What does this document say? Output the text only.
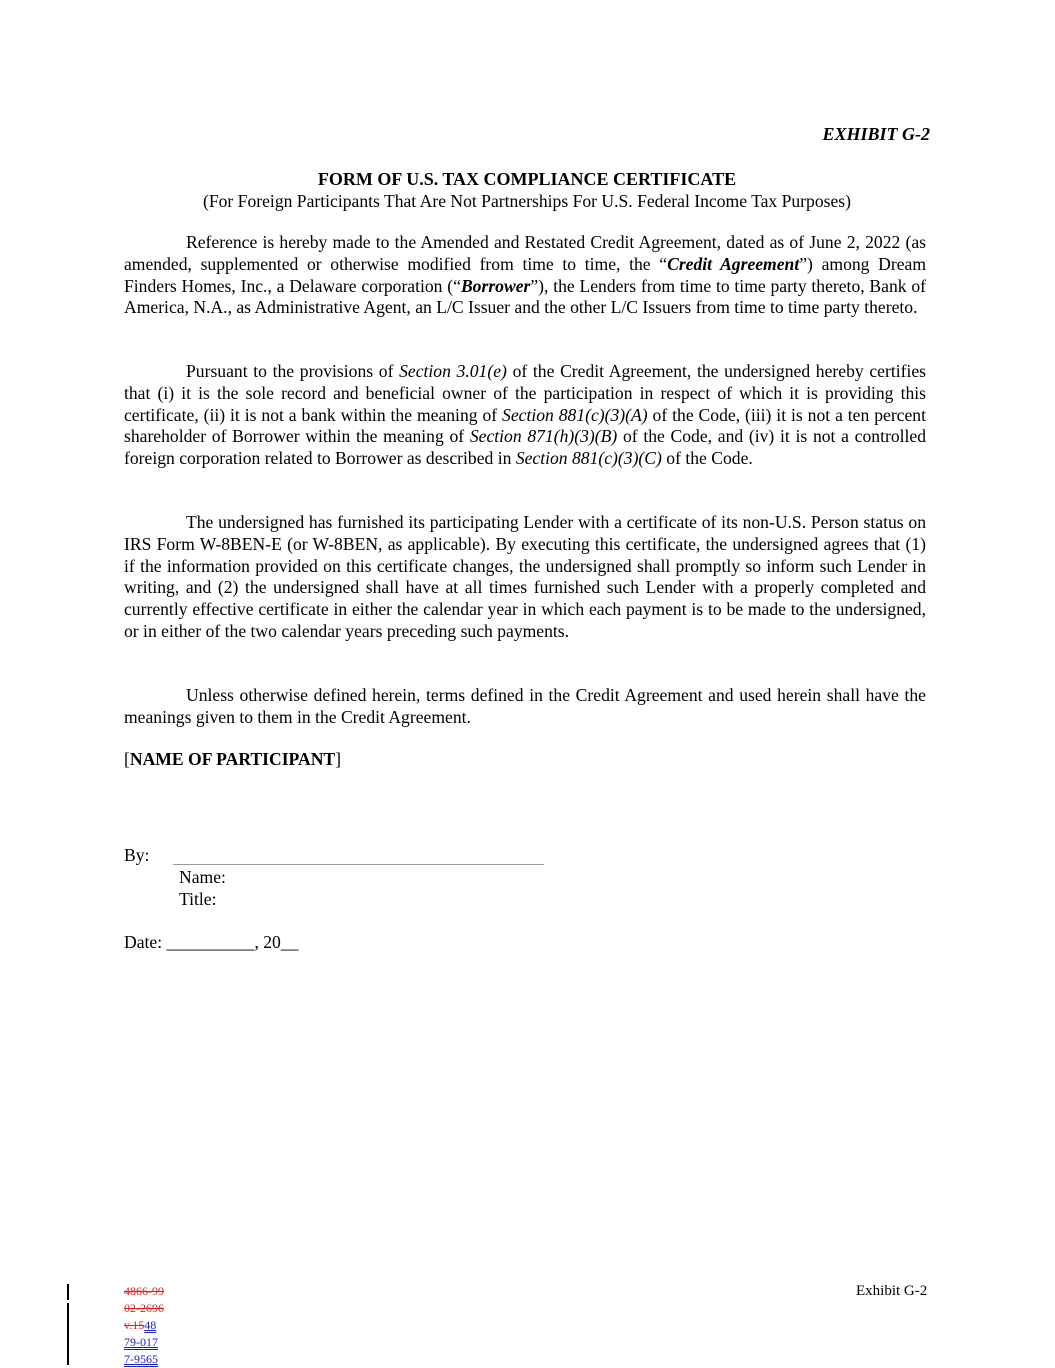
EXHIBIT G-2
FORM OF U.S. TAX COMPLIANCE CERTIFICATE
(For Foreign Participants That Are Not Partnerships For U.S. Federal Income Tax Purposes)

Reference is hereby made to the Amended and Restated Credit Agreement, dated as of June 2, 2022 (as amended, supplemented or otherwise modified from time to time, the “Credit Agreement”) among Dream Finders Homes, Inc., a Delaware corporation (“Borrower”), the Lenders from time to time party thereto, Bank of America, N.A., as Administrative Agent, an L/C Issuer and the other L/C Issuers from time to time party thereto.

Pursuant to the provisions of Section 3.01(e) of the Credit Agreement, the undersigned hereby certifies that (i) it is the sole record and beneficial owner of the participation in respect of which it is providing this certificate, (ii) it is not a bank within the meaning of Section 881(c)(3)(A) of the Code, (iii) it is not a ten percent shareholder of Borrower within the meaning of Section 871(h)(3)(B) of the Code, and (iv) it is not a controlled foreign corporation related to Borrower as described in Section 881(c)(3)(C) of the Code.

The undersigned has furnished its participating Lender with a certificate of its non-U.S. Person status on IRS Form W-8BEN-E (or W-8BEN, as applicable). By executing this certificate, the undersigned agrees that (1) if the information provided on this certificate changes, the undersigned shall promptly so inform such Lender in writing, and (2) the undersigned shall have at all times furnished such Lender with a properly completed and currently effective certificate in either the calendar year in which each payment is to be made to the undersigned, or in either of the two calendar years preceding such payments.

Unless otherwise defined herein, terms defined in the Credit Agreement and used herein shall have the meanings given to them in the Credit Agreement.

[NAME OF PARTICIPANT]
By:
Name:
Title:
Date: __________, 20__
Exhibit G-2
4866-99
02-2696
v.1548
79-017
7-9565
